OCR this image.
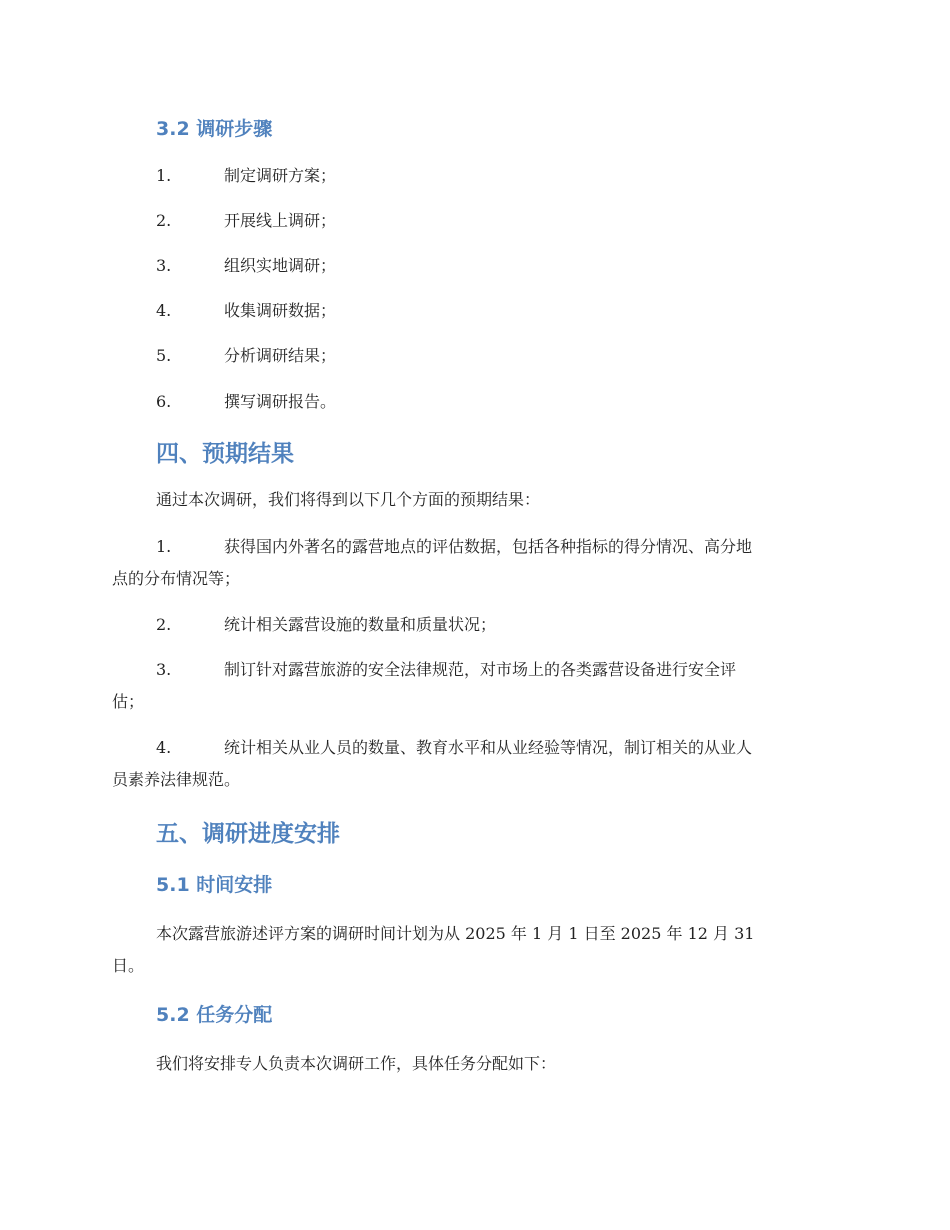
3.2 调研步骤
1.	制定调研方案；
2.	开展线上调研；
3.	组织实地调研；
4.	收集调研数据；
5.	分析调研结果；
6.	撰写调研报告。
四、预期结果
通过本次调研，我们将得到以下几个方面的预期结果：
1.	获得国内外著名的露营地点的评估数据，包括各种指标的得分情况、高分地
点的分布情况等；
2.	统计相关露营设施的数量和质量状况；
3.	制订针对露营旅游的安全法律规范，对市场上的各类露营设备进行安全评
估；
4.	统计相关从业人员的数量、教育水平和从业经验等情况，制订相关的从业人
员素养法律规范。
五、调研进度安排
5.1 时间安排
本次露营旅游述评方案的调研时间计划为从 2025 年 1 月 1 日至 2025 年 12 月 31
日。
5.2 任务分配
我们将安排专人负责本次调研工作，具体任务分配如下：
